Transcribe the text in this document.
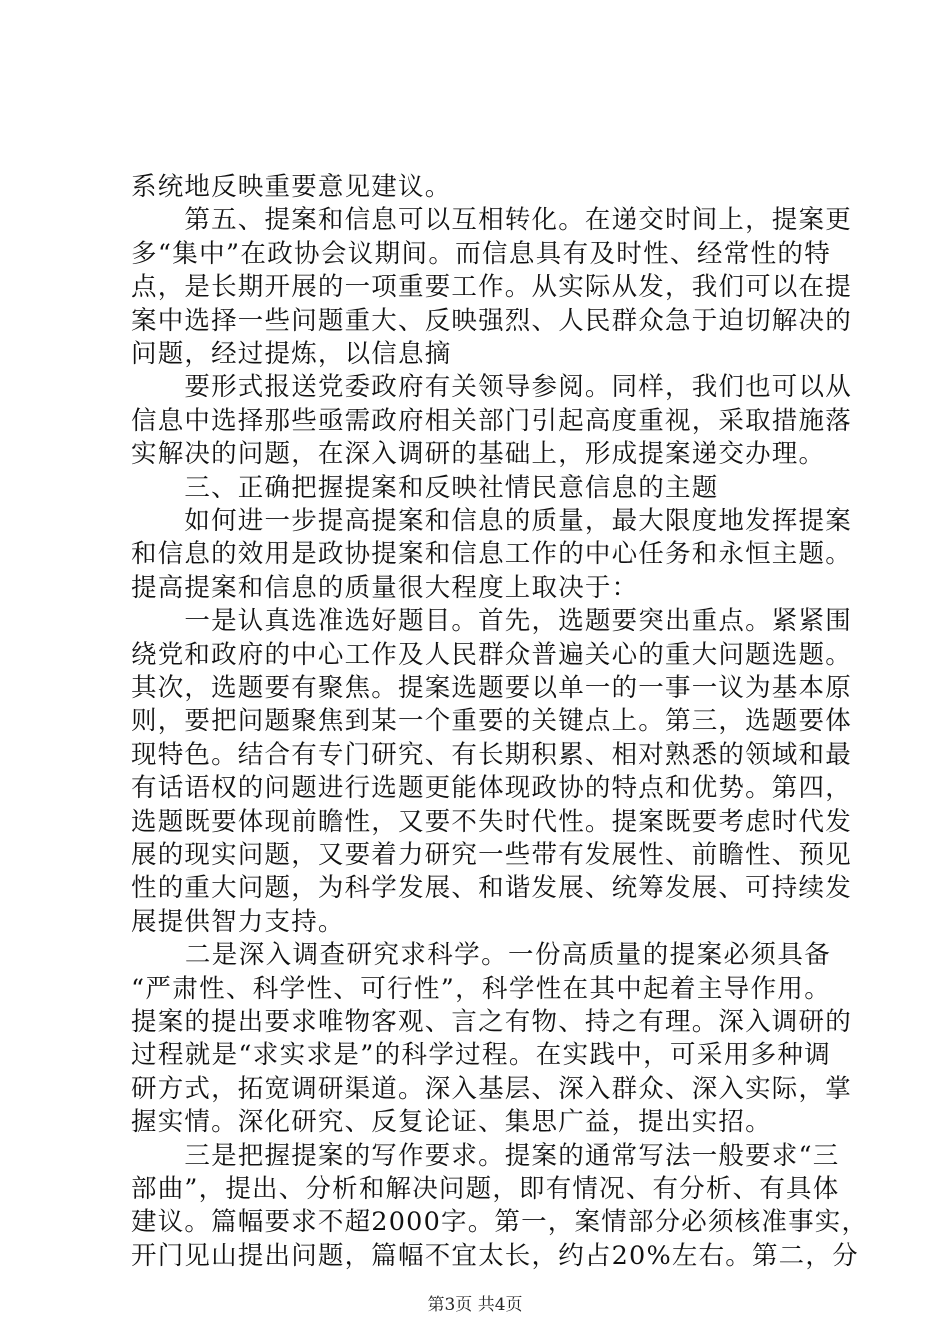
系统地反映重要意见建议。
　　第五、提案和信息可以互相转化。在递交时间上，提案更
多“集中”在政协会议期间。而信息具有及时性、经常性的特
点，是长期开展的一项重要工作。从实际从发，我们可以在提
案中选择一些问题重大、反映强烈、人民群众急于迫切解决的
问题，经过提炼，以信息摘
　　要形式报送党委政府有关领导参阅。同样，我们也可以从
信息中选择那些亟需政府相关部门引起高度重视，采取措施落
实解决的问题，在深入调研的基础上，形成提案递交办理。
　　三、正确把握提案和反映社情民意信息的主题
　　如何进一步提高提案和信息的质量，最大限度地发挥提案
和信息的效用是政协提案和信息工作的中心任务和永恒主题。
提高提案和信息的质量很大程度上取决于：
　　一是认真选准选好题目。首先，选题要突出重点。紧紧围
绕党和政府的中心工作及人民群众普遍关心的重大问题选题。
其次，选题要有聚焦。提案选题要以单一的一事一议为基本原
则，要把问题聚焦到某一个重要的关键点上。第三，选题要体
现特色。结合有专门研究、有长期积累、相对熟悉的领域和最
有话语权的问题进行选题更能体现政协的特点和优势。第四，
选题既要体现前瞻性，又要不失时代性。提案既要考虑时代发
展的现实问题，又要着力研究一些带有发展性、前瞻性、预见
性的重大问题，为科学发展、和谐发展、统筹发展、可持续发
展提供智力支持。
　　二是深入调查研究求科学。一份高质量的提案必须具备
“严肃性、科学性、可行性”，科学性在其中起着主导作用。
提案的提出要求唯物客观、言之有物、持之有理。深入调研的
过程就是“求实求是”的科学过程。在实践中，可采用多种调
研方式，拓宽调研渠道。深入基层、深入群众、深入实际，掌
握实情。深化研究、反复论证、集思广益，提出实招。
　　三是把握提案的写作要求。提案的通常写法一般要求“三
部曲”，提出、分析和解决问题，即有情况、有分析、有具体
建议。篇幅要求不超2000字。第一，案情部分必须核准事实，
开门见山提出问题，篇幅不宜太长，约占20%左右。第二，分
第3页 共4页
